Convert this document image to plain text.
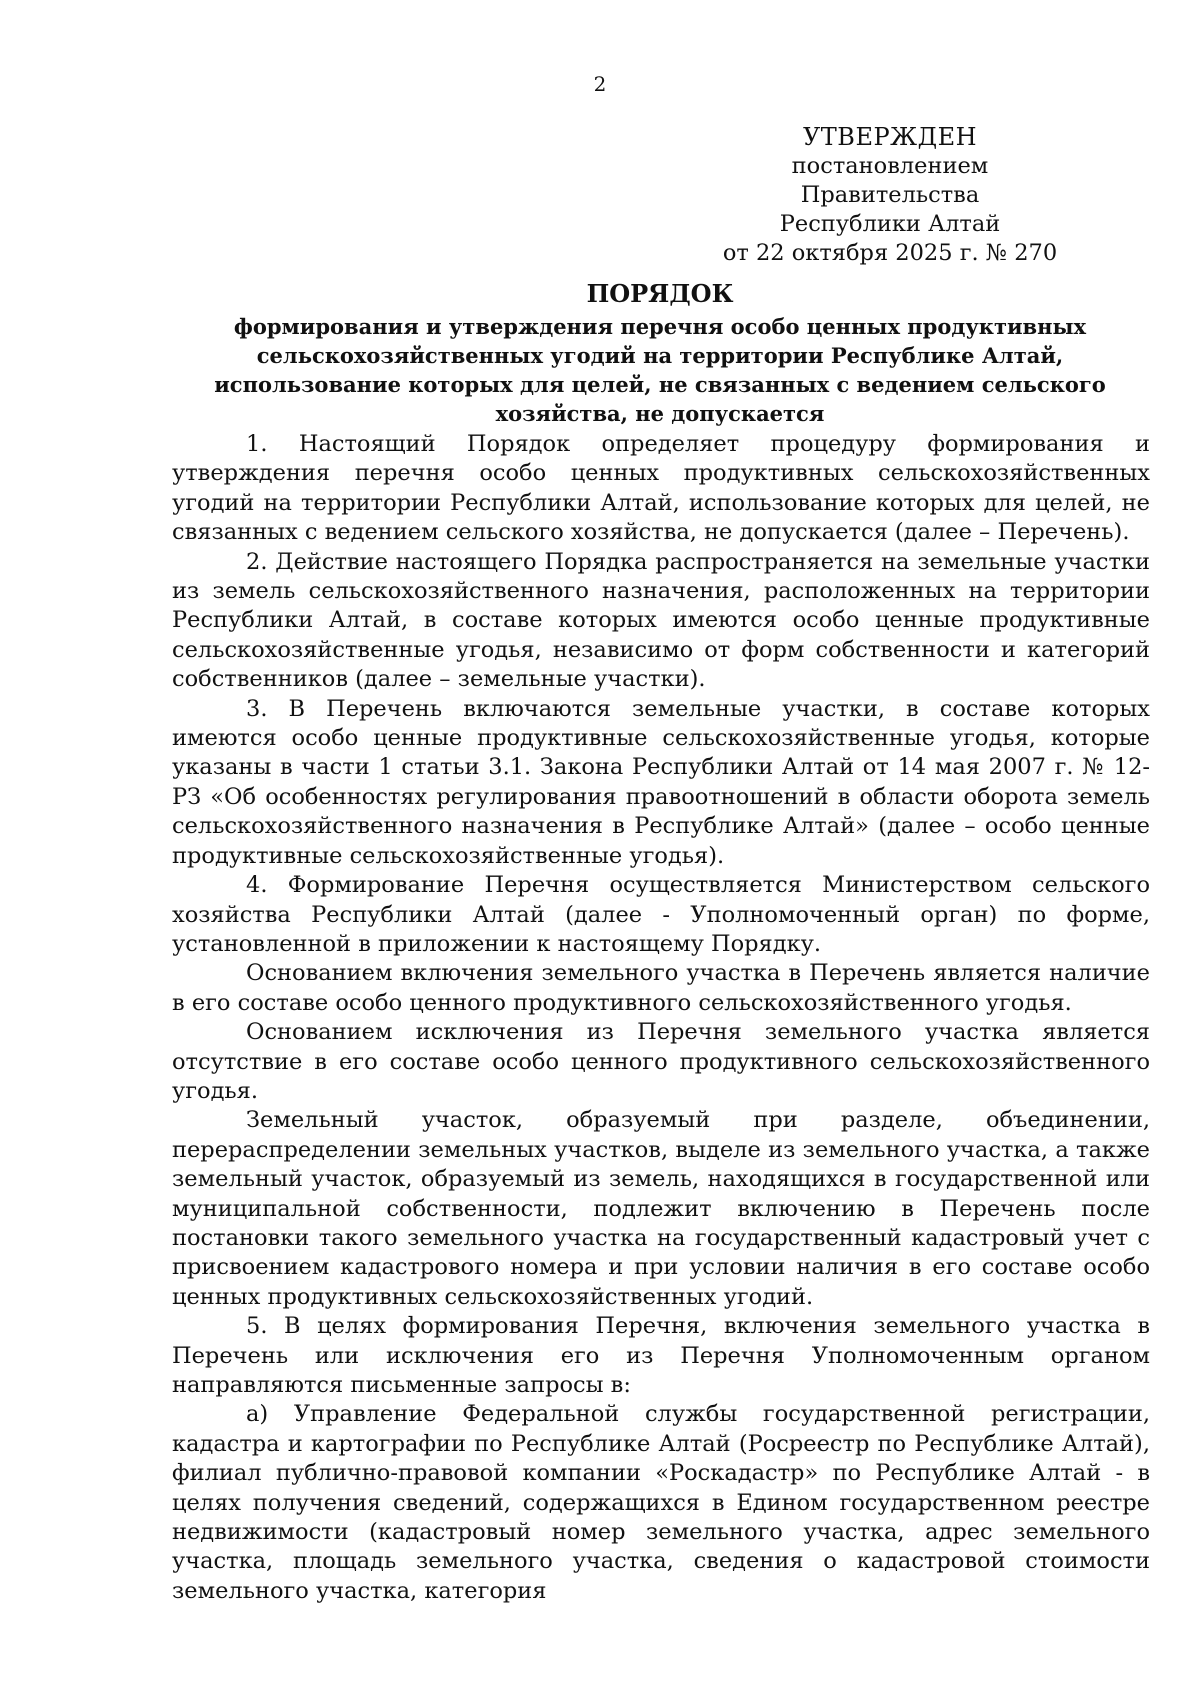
2
УТВЕРЖДЕН
постановлением Правительства
Республики Алтай
от 22 октября 2025 г. № 270
ПОРЯДОК
формирования и утверждения перечня особо ценных продуктивных сельскохозяйственных угодий на территории Республике Алтай, использование которых для целей, не связанных с ведением сельского хозяйства, не допускается

1. Настоящий Порядок определяет процедуру формирования и утверждения перечня особо ценных продуктивных сельскохозяйственных угодий на территории Республики Алтай, использование которых для целей, не связанных с ведением сельского хозяйства, не допускается (далее – Перечень).

2. Действие настоящего Порядка распространяется на земельные участки из земель сельскохозяйственного назначения, расположенных на территории Республики Алтай, в составе которых имеются особо ценные продуктивные сельскохозяйственные угодья, независимо от форм собственности и категорий собственников (далее – земельные участки).

3. В Перечень включаются земельные участки, в составе которых имеются особо ценные продуктивные сельскохозяйственные угодья, которые указаны в части 1 статьи 3.1. Закона Республики Алтай от 14 мая 2007 г. № 12-РЗ «Об особенностях регулирования правоотношений в области оборота земель сельскохозяйственного назначения в Республике Алтай» (далее – особо ценные продуктивные сельскохозяйственные угодья).

4. Формирование Перечня осуществляется Министерством сельского хозяйства Республики Алтай (далее - Уполномоченный орган) по форме, установленной в приложении к настоящему Порядку.

Основанием включения земельного участка в Перечень является наличие в его составе особо ценного продуктивного сельскохозяйственного угодья.

Основанием исключения из Перечня земельного участка является отсутствие в его составе особо ценного продуктивного сельскохозяйственного угодья.

Земельный участок, образуемый при разделе, объединении, перераспределении земельных участков, выделе из земельного участка, а также земельный участок, образуемый из земель, находящихся в государственной или муниципальной собственности, подлежит включению в Перечень после постановки такого земельного участка на государственный кадастровый учет с присвоением кадастрового номера и при условии наличия в его составе особо ценных продуктивных сельскохозяйственных угодий.

5. В целях формирования Перечня, включения земельного участка в Перечень или исключения его из Перечня Уполномоченным органом направляются письменные запросы в:

а) Управление Федеральной службы государственной регистрации, кадастра и картографии по Республике Алтай (Росреестр по Республике Алтай), филиал публично-правовой компании «Роскадастр» по Республике Алтай - в целях получения сведений, содержащихся в Едином государственном реестре недвижимости (кадастровый номер земельного участка, адрес земельного участка, площадь земельного участка, сведения о кадастровой стоимости земельного участка, категория
